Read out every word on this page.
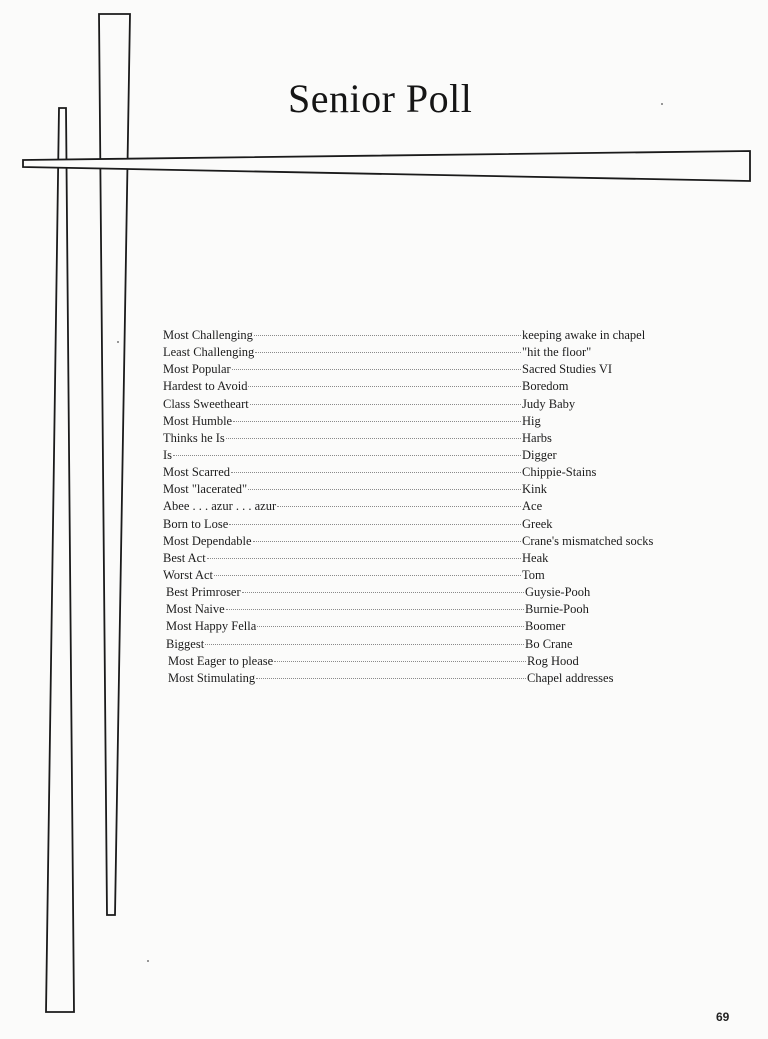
Senior Poll
Most Challenging	keeping awake in chapel
Least Challenging	"hit the floor"
Most Popular	Sacred Studies VI
Hardest to Avoid	Boredom
Class Sweetheart	Judy Baby
Most Humble	Hig
Thinks he Is	Harbs
Is	Digger
Most Scarred	Chippie-Stains
Most "lacerated"	Kink
Abee . . . azur . . . azur	Ace
Born to Lose	Greek
Most Dependable	Crane's mismatched socks
Best Act	Heak
Worst Act	Tom
Best Primroser	Guysie-Pooh
Most Naive	Burnie-Pooh
Most Happy Fella	Boomer
Biggest	Bo Crane
Most Eager to please	Rog Hood
Most Stimulating	Chapel addresses
69
